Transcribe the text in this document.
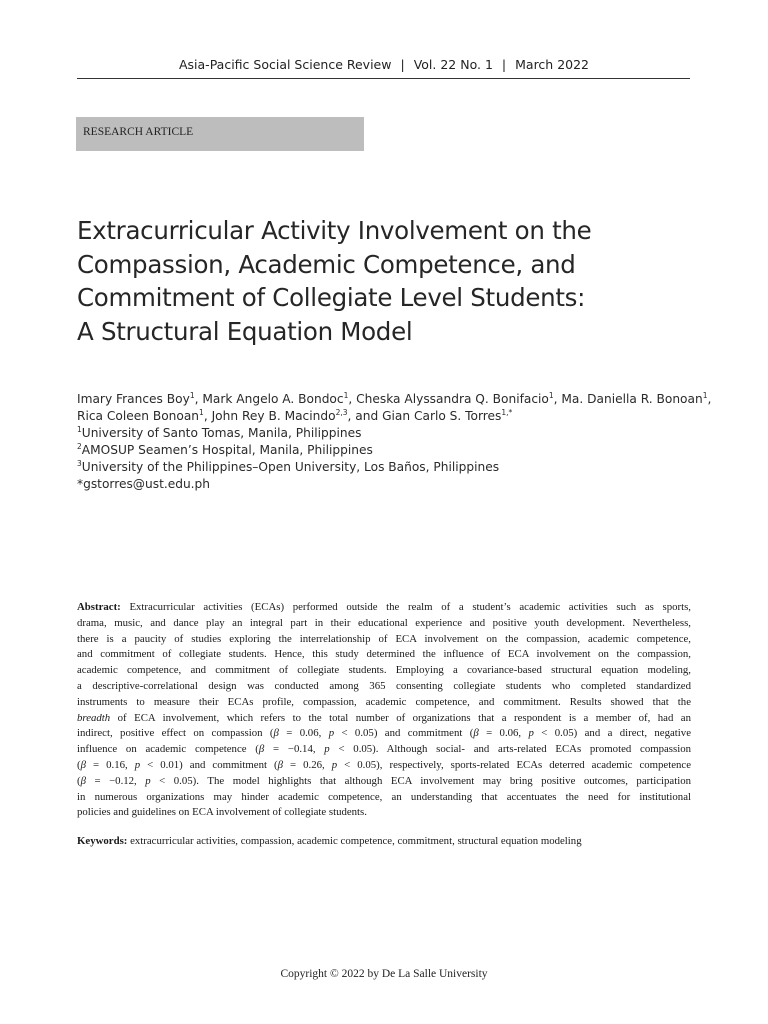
Asia-Pacific Social Science Review | Vol. 22 No. 1 | March 2022
RESEARCH ARTICLE
Extracurricular Activity Involvement on the
Compassion, Academic Competence, and
Commitment of Collegiate Level Students:
A Structural Equation Model
Imary Frances Boy$^1$, Mark Angelo A. Bondoc$^1$, Cheska Alyssandra Q. Bonifacio$^1$, Ma. Daniella R. Bonoan$^1$,
Rica Coleen Bonoan$^1$, John Rey B. Macindo$^{2,3}$, and Gian Carlo S. Torres$^{1,*}$
$^1$University of Santo Tomas, Manila, Philippines
$^2$AMOSUP Seamen’s Hospital, Manila, Philippines
$^3$University of the Philippines–Open University, Los Baños, Philippines
*gstorres@ust.edu.ph
Abstract: Extracurricular activities (ECAs) performed outside the realm of a student’s academic activities such as sports,
drama, music, and dance play an integral part in their educational experience and positive youth development. Nevertheless,
there is a paucity of studies exploring the interrelationship of ECA involvement on the compassion, academic competence,
and commitment of collegiate students. Hence, this study determined the influence of ECA involvement on the compassion,
academic competence, and commitment of collegiate students. Employing a covariance-based structural equation modeling,
a descriptive-correlational design was conducted among 365 consenting collegiate students who completed standardized
instruments to measure their ECAs profile, compassion, academic competence, and commitment. Results showed that the
breadth of ECA involvement, which refers to the total number of organizations that a respondent is a member of, had an
indirect, positive effect on compassion (β = 0.06, p < 0.05) and commitment (β = 0.06, p < 0.05) and a direct, negative
influence on academic competence (β = −0.14, p < 0.05). Although social- and arts-related ECAs promoted compassion
(β = 0.16, p < 0.01) and commitment (β = 0.26, p < 0.05), respectively, sports-related ECAs deterred academic competence
(β = −0.12, p < 0.05). The model highlights that although ECA involvement may bring positive outcomes, participation
in numerous organizations may hinder academic competence, an understanding that accentuates the need for institutional
policies and guidelines on ECA involvement of collegiate students.
Keywords: extracurricular activities, compassion, academic competence, commitment, structural equation modeling
Copyright © 2022 by De La Salle University
